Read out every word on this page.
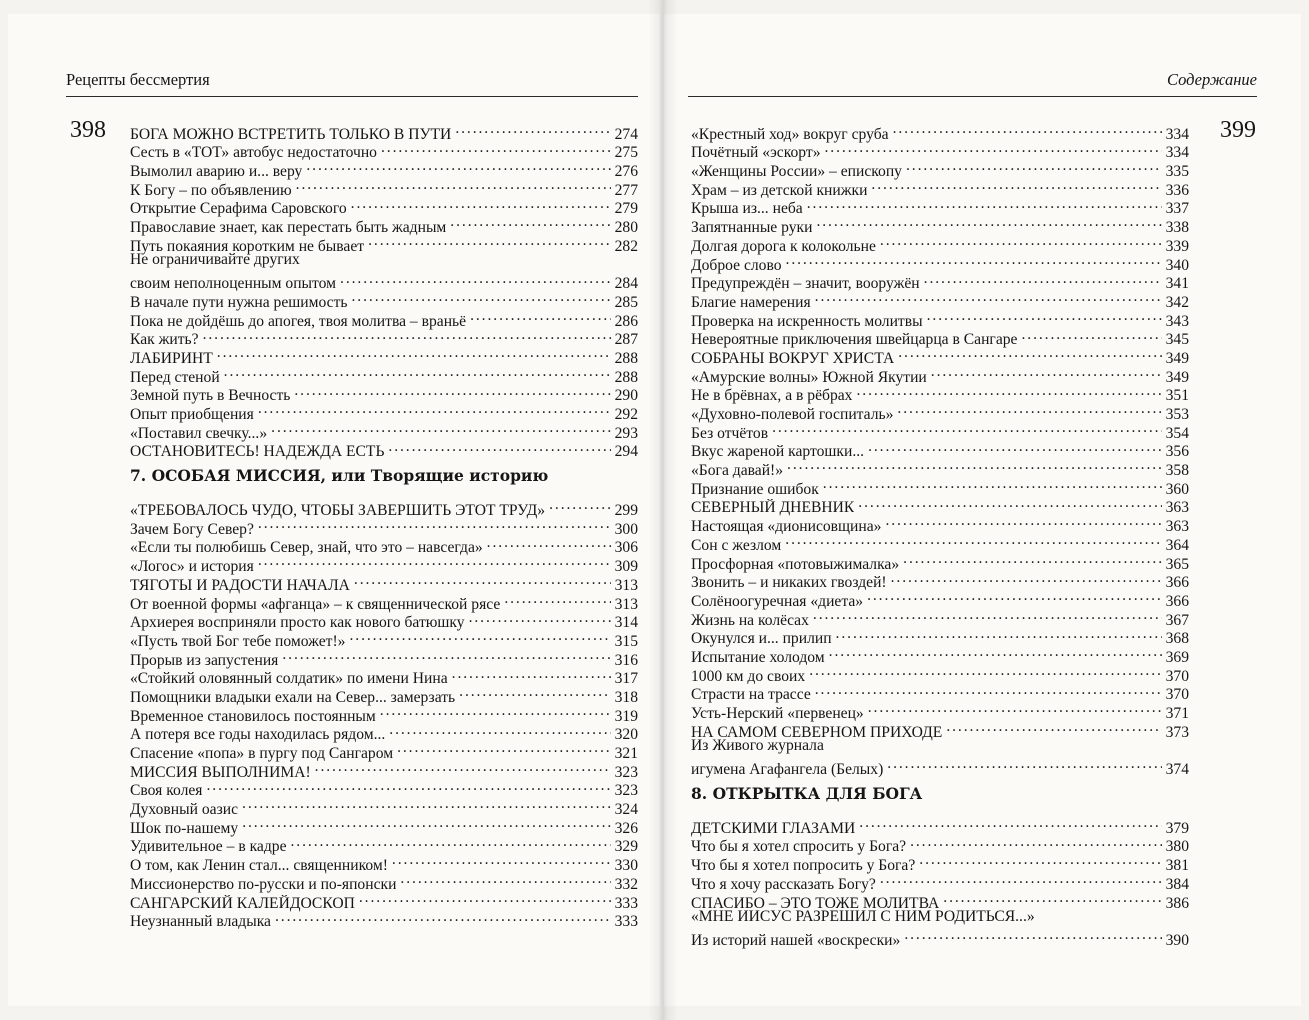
Рецепты бессмертия
398 БОГА МОЖНО ВСТРЕТИТЬ ТОЛЬКО В ПУТИ . . .	274
Сесть в «ТОТ» автобус недостаточно . . .	275
Вымолил аварию и... веру . . .	276
К Богу – по объявлению . . .	277
Открытие Серафима Саровского . . .	279
Православие знает, как перестать быть жадным . . .	280
Путь покаяния коротким не бывает . . .	282
Не ограничивайте других
своим неполноценным опытом . . .	284
В начале пути нужна решимость . . .	285
Пока не дойдёшь до апогея, твоя молитва – враньё . . .	286
Как жить? . . .	287
ЛАБИРИНТ . . .	288
Перед стеной . . .	288
Земной путь в Вечность . . .	290
Опыт приобщения . . .	292
«Поставил свечку...» . . .	293
ОСТАНОВИТЕСЬ! НАДЕЖДА ЕСТЬ . . .	294
7. ОСОБАЯ МИССИЯ, или Творящие историю
«ТРЕБОВАЛОСЬ ЧУДО, ЧТОБЫ ЗАВЕРШИТЬ ЭТОТ ТРУД» . . .	299
Зачем Богу Север? . . .	300
«Если ты полюбишь Север, знай, что это – навсегда» . . .	306
«Логос» и история . . .	309
ТЯГОТЫ И РАДОСТИ НАЧАЛА . . .	313
От военной формы «афганца» – к священнической рясе . . .	313
Архиерея восприняли просто как нового батюшку . . .	314
«Пусть твой Бог тебе поможет!» . . .	315
Прорыв из запустения . . .	316
«Стойкий оловянный солдатик» по имени Нина . . .	317
Помощники владыки ехали на Север... замерзать . . .	318
Временное становилось постоянным . . .	319
А потеря все годы находилась рядом... . . .	320
Спасение «попа» в пургу под Сангаром . . .	321
МИССИЯ ВЫПОЛНИМА! . . .	323
Своя колея . . .	323
Духовный оазис . . .	324
Шок по-нашему . . .	326
Удивительное – в кадре . . .	329
О том, как Ленин стал... священником! . . .	330
Миссионерство по-русски и по-японски . . .	332
САНГАРСКИЙ КАЛЕЙДОСКОП . . .	333
Неузнанный владыка . . .	333
Содержание
399
«Крестный ход» вокруг сруба . . .	334
Почётный «эскорт» . . .	334
«Женщины России» – епископу . . .	335
Храм – из детской книжки . . .	336
Крыша из... неба . . .	337
Запятнанные руки . . .	338
Долгая дорога к колокольне . . .	339
Доброе слово . . .	340
Предупреждён – значит, вооружён . . .	341
Благие намерения . . .	342
Проверка на искренность молитвы . . .	343
Невероятные приключения швейцарца в Сангаре . . .	345
СОБРАНЫ ВОКРУГ ХРИСТА . . .	349
«Амурские волны» Южной Якутии . . .	349
Не в брёвнах, а в рёбрах . . .	351
«Духовно-полевой госпиталь» . . .	353
Без отчётов . . .	354
Вкус жареной картошки... . . .	356
«Бога давай!» . . .	358
Признание ошибок . . .	360
СЕВЕРНЫЙ ДНЕВНИК . . .	363
Настоящая «дионисовщина» . . .	363
Сон с жезлом . . .	364
Просфорная «потовыжималка» . . .	365
Звонить – и никаких гвоздей! . . .	366
Солёноогуречная «диета» . . .	366
Жизнь на колёсах . . .	367
Окунулся и... прилип . . .	368
Испытание холодом . . .	369
1000 км до своих . . .	370
Страсти на трассе . . .	370
Усть-Нерский «первенец» . . .	371
НА САМОМ СЕВЕРНОМ ПРИХОДЕ . . .	373
Из Живого журнала
игумена Агафангела (Белых) . . .	374
8. ОТКРЫТКА ДЛЯ БОГА
ДЕТСКИМИ ГЛАЗАМИ . . .	379
Что бы я хотел спросить у Бога? . . .	380
Что бы я хотел попросить у Бога? . . .	381
Что я хочу рассказать Богу? . . .	384
СПАСИБО – ЭТО ТОЖЕ МОЛИТВА . . .	386
«МНЕ ИИСУС РАЗРЕШИЛ С НИМ РОДИТЬСЯ...»
Из историй нашей «воскрески» . . .	390
